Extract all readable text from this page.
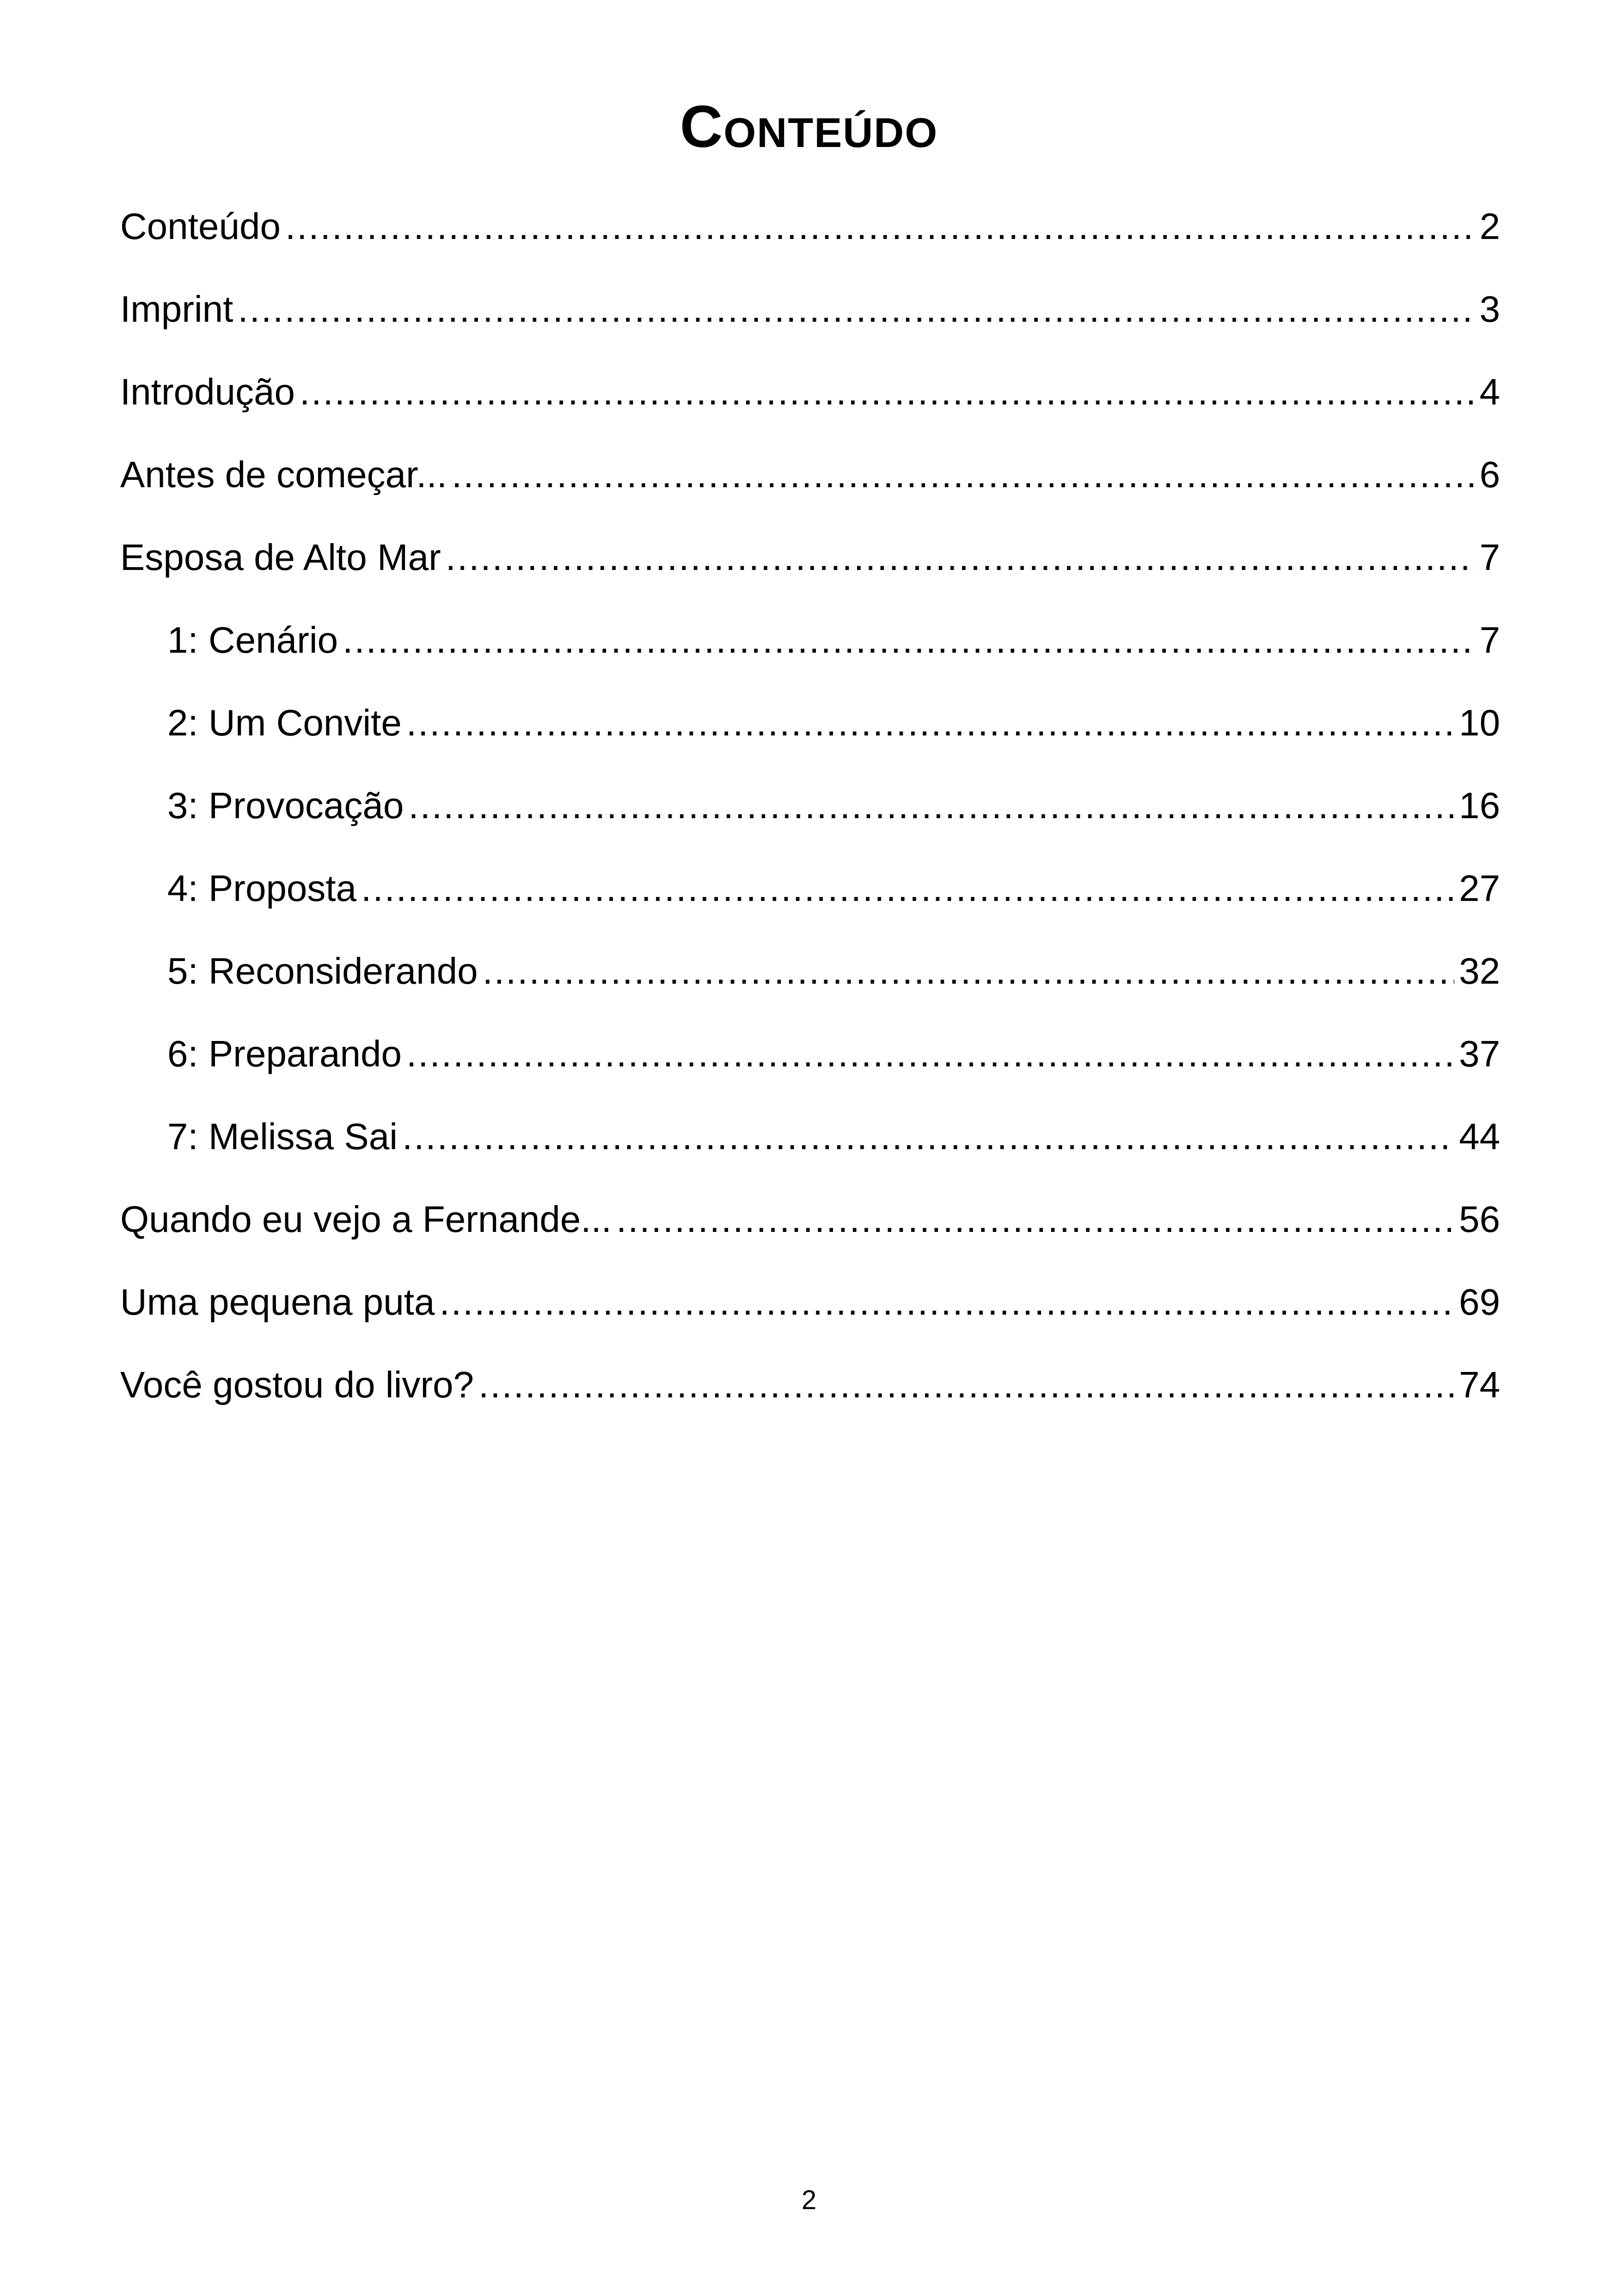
Conteúdo
Conteúdo .....	2
Imprint .....	3
Introdução .....	4
Antes de começar... .....	6
Esposa de Alto Mar .....	7
1: Cenário .....	7
2: Um Convite .....	10
3: Provocação .....	16
4: Proposta .....	27
5: Reconsiderando .....	32
6: Preparando .....	37
7: Melissa Sai .....	44
Quando eu vejo a Fernande... .....	56
Uma pequena puta .....	69
Você gostou do livro? .....	74
2
